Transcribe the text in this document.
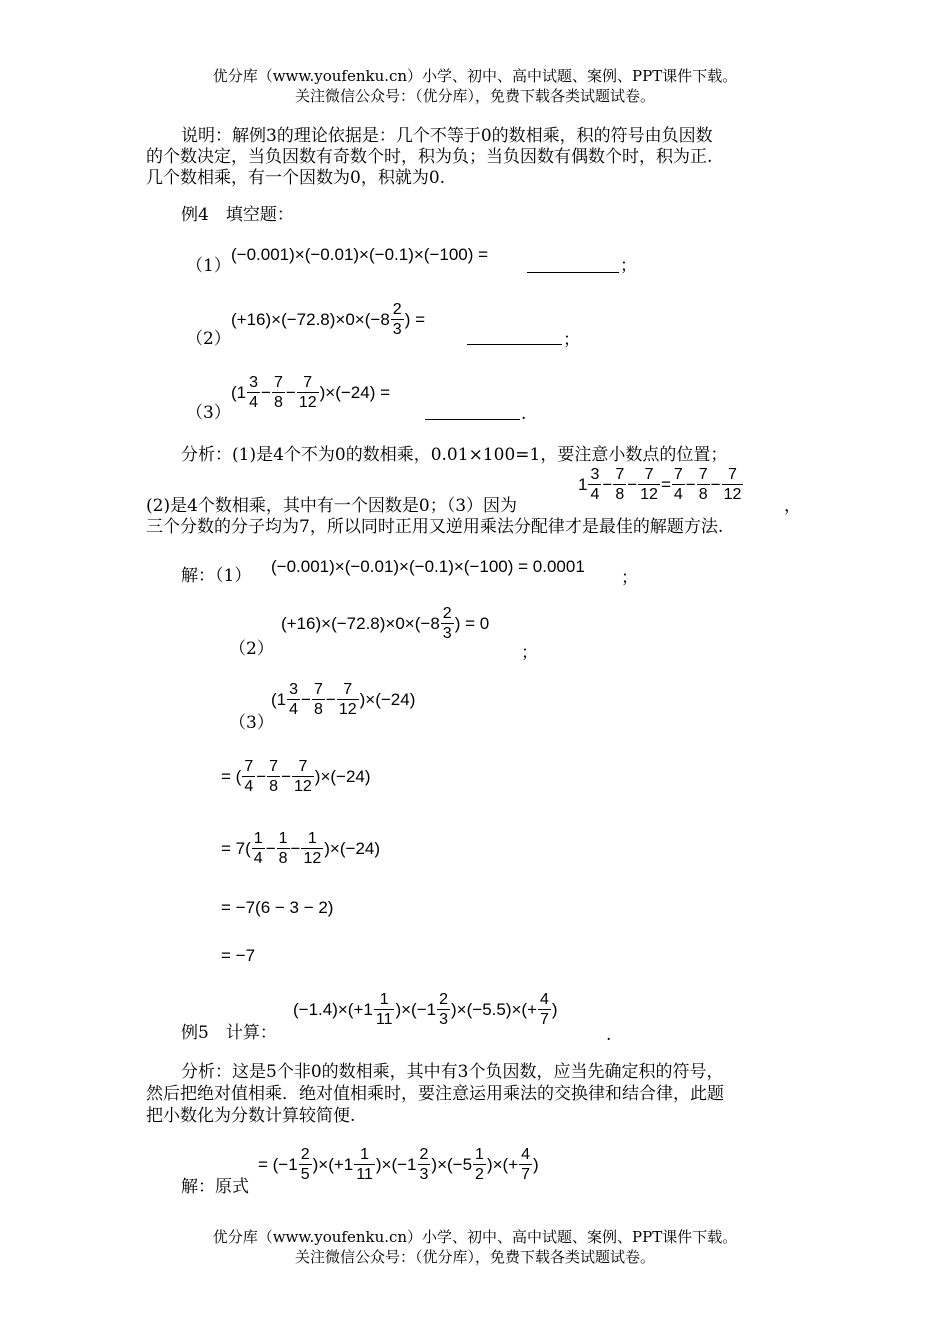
优分库（www.youfenku.cn）小学、初中、高中试题、案例、PPT课件下载。
关注微信公众号：（优分库），免费下载各类试题试卷。
说明：解例3的理论依据是：几个不等于0的数相乘，积的符号由负因数
的个数决定，当负因数有奇数个时，积为负；当负因数有偶数个时，积为正.
几个数相乘，有一个因数为0，积就为0.
例4　填空题：
（1）
(−0.001)×(−0.01)×(−0.1)×(−100) =
；
（2）
$(+16)\times(-72.8)\times 0\times(-8 \frac{2}{3}$ ) =
；
（3）
$(1 \frac{3}{4} - \frac{7}{8} - \frac{7}{12} )\times(-24)$ =
.
分析：(1)是4个不为0的数相乘，0.01×100=1，要注意小数点的位置；
(2)是4个数相乘，其中有一个因数是0；（3）因为
$1 \frac{3}{4} - \frac{7}{8} - \frac{7}{12} = \frac{7}{4} - \frac{7}{8} - \frac{7}{12}$
，
三个分数的分子均为7，所以同时正用又逆用乘法分配律才是最佳的解题方法.
解：（1） (−0.001)×(−0.01)×(−0.1)×(−100) = 0.0001
；
（2）
$(+16)\times(-72.8)\times 0\times(-8 \frac{2}{3}$ ) = 0
；
（3）
$(1 \frac{3}{4} - \frac{7}{8} - \frac{7}{12} )\times(-24)$
= ( $\frac{7}{4} - \frac{7}{8} - \frac{7}{12} )\times(-24)$
= $7( \frac{1}{4} - \frac{1}{8} - \frac{1}{12} )\times(-24)$
= −7(6 − 3 − 2)
= −7
例5　计算：
$(-1.4)\times(+1 \frac{1}{11} )\times(-1 \frac{2}{3} )\times(-5.5)\times(+ \frac{4}{7}$ )
.
分析：这是5个非0的数相乘，其中有3个负因数，应当先确定积的符号，
然后把绝对值相乘．绝对值相乘时，要注意运用乘法的交换律和结合律，此题
把小数化为分数计算较简便.
解：原式
= $(-1 \frac{2}{5} )\times(+1 \frac{1}{11} )\times(-1 \frac{2}{3} )\times(-5 \frac{1}{2}$ )×(+ $\frac{4}{7}$ )
优分库（www.youfenku.cn）小学、初中、高中试题、案例、PPT课件下载。
关注微信公众号：（优分库），免费下载各类试题试卷。
